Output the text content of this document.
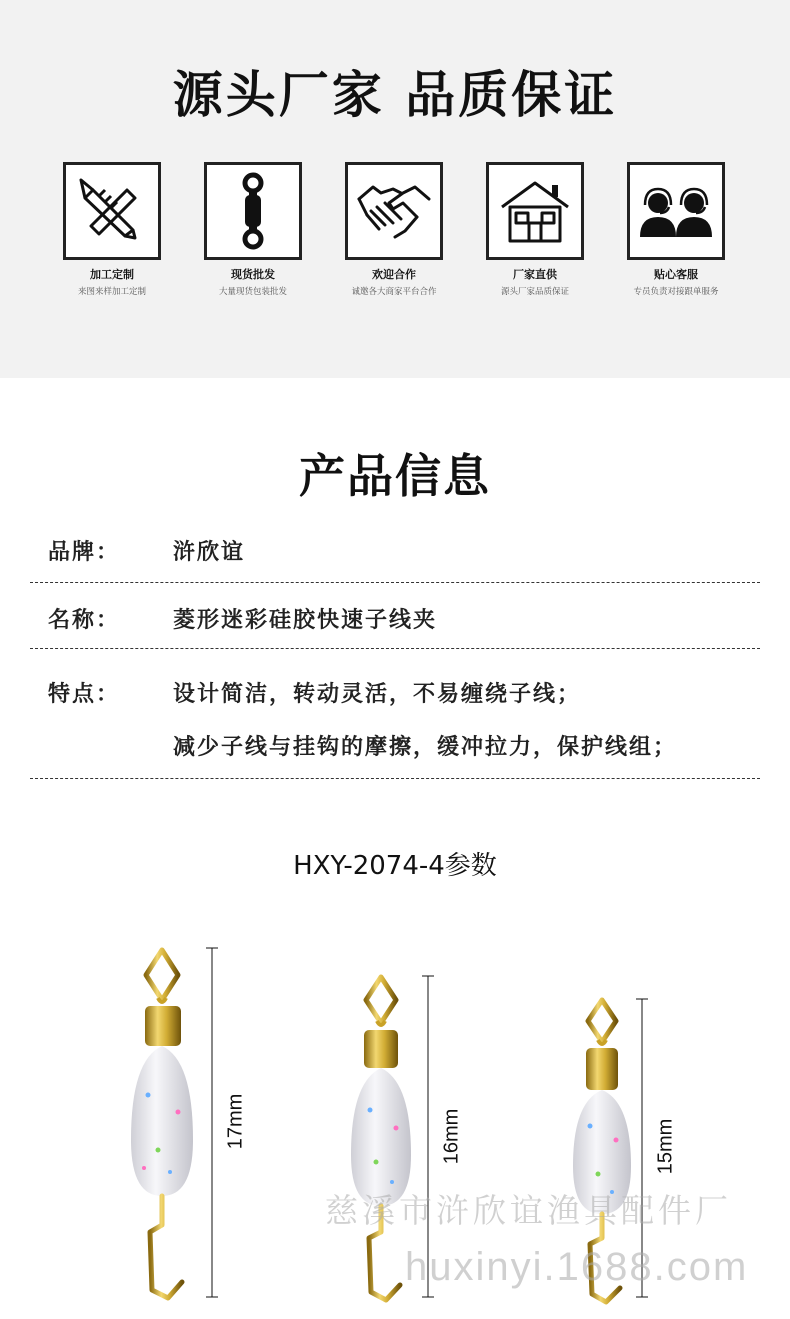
源头厂家 品质保证
加工定制
来图来样加工定制
现货批发
大量现货包装批发
欢迎合作
诚邀各大商家平台合作
厂家直供
源头厂家品质保证
贴心客服
专员负责对接跟单服务
产品信息
品牌： 浒欣谊
名称： 菱形迷彩硅胶快速子线夹
特点： 设计简洁，转动灵活，不易缠绕子线；
减少子线与挂钩的摩擦，缓冲拉力，保护线组；
HXY-2074-4参数
17mm	16mm	15mm
慈溪市浒欣谊渔具配件厂
huxinyi.1688.com
